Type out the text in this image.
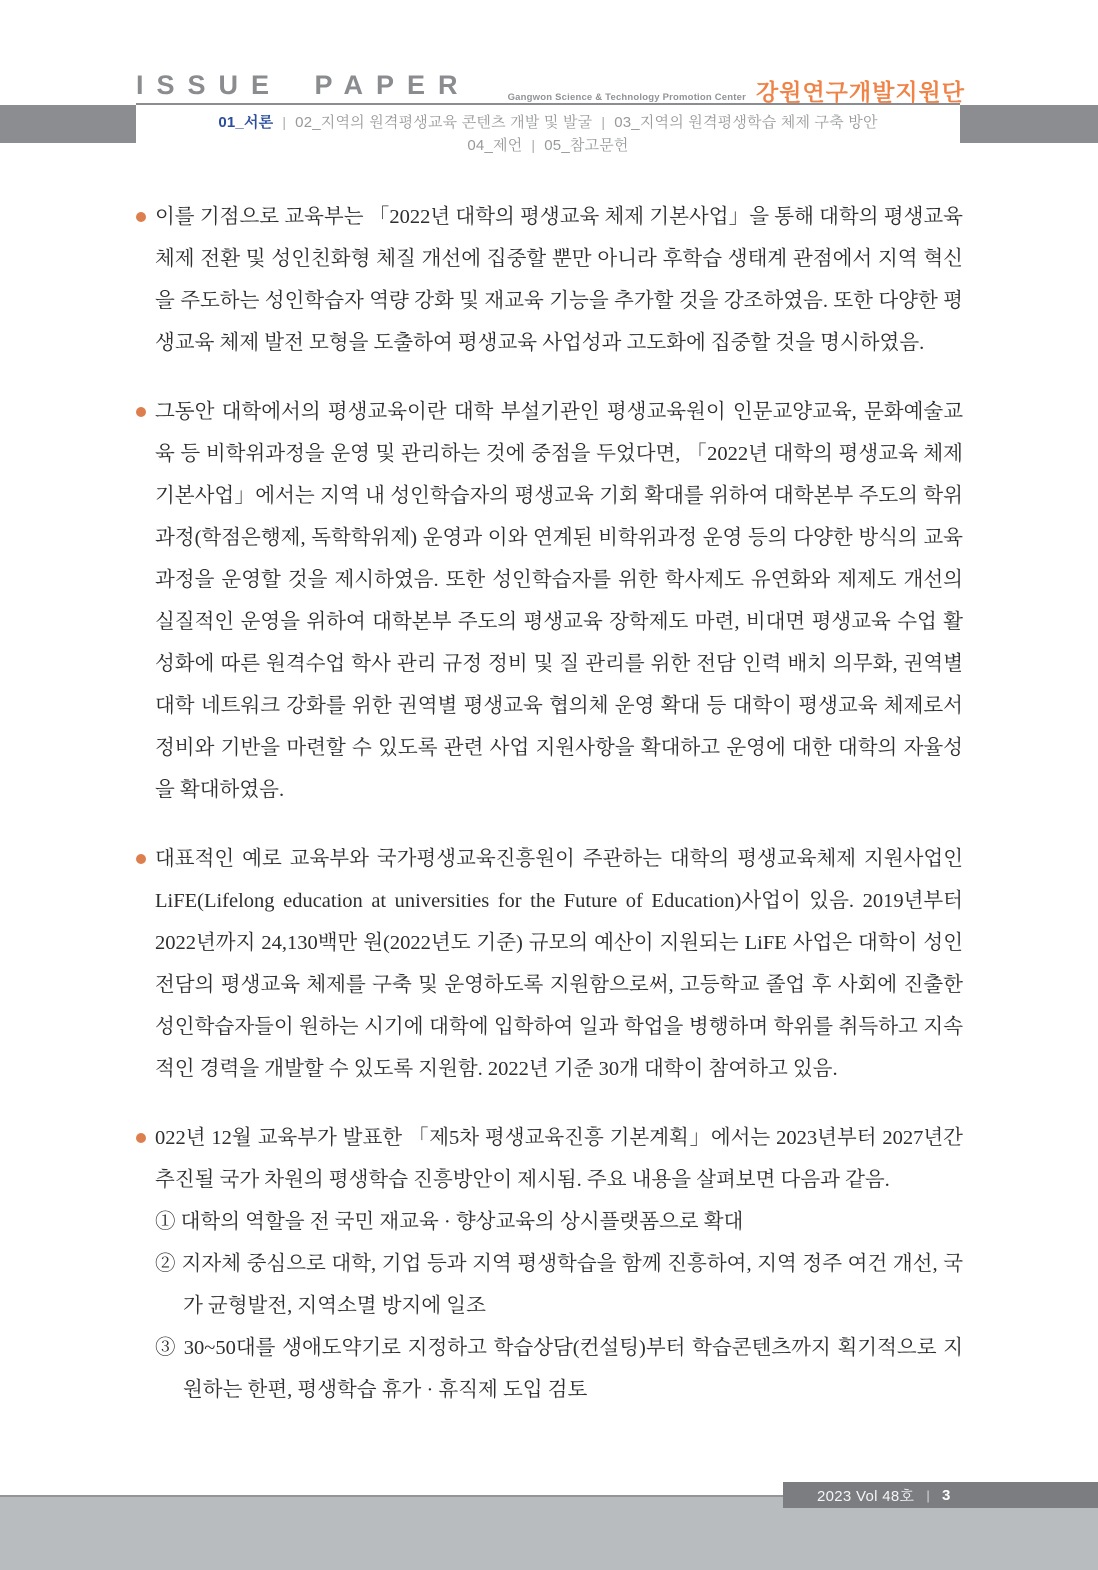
ISSUE PAPER	Gangwon Science & Technology Promotion Center 강원연구개발지원단
01_서론 | 02_지역의 원격평생교육 콘텐츠 개발 및 발굴 | 03_지역의 원격평생학습 체제 구축 방안
04_제언 | 05_참고문헌

이를 기점으로 교육부는 「2022년 대학의 평생교육 체제 기본사업」을 통해 대학의 평생교육 체제 전환 및 성인친화형 체질 개선에 집중할 뿐만 아니라 후학습 생태계 관점에서 지역 혁신을 주도하는 성인학습자 역량 강화 및 재교육 기능을 추가할 것을 강조하였음. 또한 다양한 평생교육 체제 발전 모형을 도출하여 평생교육 사업성과 고도화에 집중할 것을 명시하였음.

그동안 대학에서의 평생교육이란 대학 부설기관인 평생교육원이 인문교양교육, 문화예술교육 등 비학위과정을 운영 및 관리하는 것에 중점을 두었다면, 「2022년 대학의 평생교육 체제 기본사업」에서는 지역 내 성인학습자의 평생교육 기회 확대를 위하여 대학본부 주도의 학위과정(학점은행제, 독학학위제) 운영과 이와 연계된 비학위과정 운영 등의 다양한 방식의 교육과정을 운영할 것을 제시하였음. 또한 성인학습자를 위한 학사제도 유연화와 제제도 개선의 실질적인 운영을 위하여 대학본부 주도의 평생교육 장학제도 마련, 비대면 평생교육 수업 활성화에 따른 원격수업 학사 관리 규정 정비 및 질 관리를 위한 전담 인력 배치 의무화, 권역별 대학 네트워크 강화를 위한 권역별 평생교육 협의체 운영 확대 등 대학이 평생교육 체제로서 정비와 기반을 마련할 수 있도록 관련 사업 지원사항을 확대하고 운영에 대한 대학의 자율성을 확대하였음.

대표적인 예로 교육부와 국가평생교육진흥원이 주관하는 대학의 평생교육체제 지원사업인 LiFE(Lifelong education at universities for the Future of Education)사업이 있음. 2019년부터 2022년까지 24,130백만 원(2022년도 기준) 규모의 예산이 지원되는 LiFE 사업은 대학이 성인 전담의 평생교육 체제를 구축 및 운영하도록 지원함으로써, 고등학교 졸업 후 사회에 진출한 성인학습자들이 원하는 시기에 대학에 입학하여 일과 학업을 병행하며 학위를 취득하고 지속적인 경력을 개발할 수 있도록 지원함. 2022년 기준 30개 대학이 참여하고 있음.

022년 12월 교육부가 발표한 「제5차 평생교육진흥 기본계획」에서는 2023년부터 2027년간 추진될 국가 차원의 평생학습 진흥방안이 제시됨. 주요 내용을 살펴보면 다음과 같음.

① 대학의 역할을 전 국민 재교육 · 향상교육의 상시플랫폼으로 확대

② 지자체 중심으로 대학, 기업 등과 지역 평생학습을 함께 진흥하여, 지역 정주 여건 개선, 국가 균형발전, 지역소멸 방지에 일조

③ 30~50대를 생애도약기로 지정하고 학습상담(컨설팅)부터 학습콘텐츠까지 획기적으로 지원하는 한편, 평생학습 휴가 · 휴직제 도입 검토

2023 Vol 48호 | 3
